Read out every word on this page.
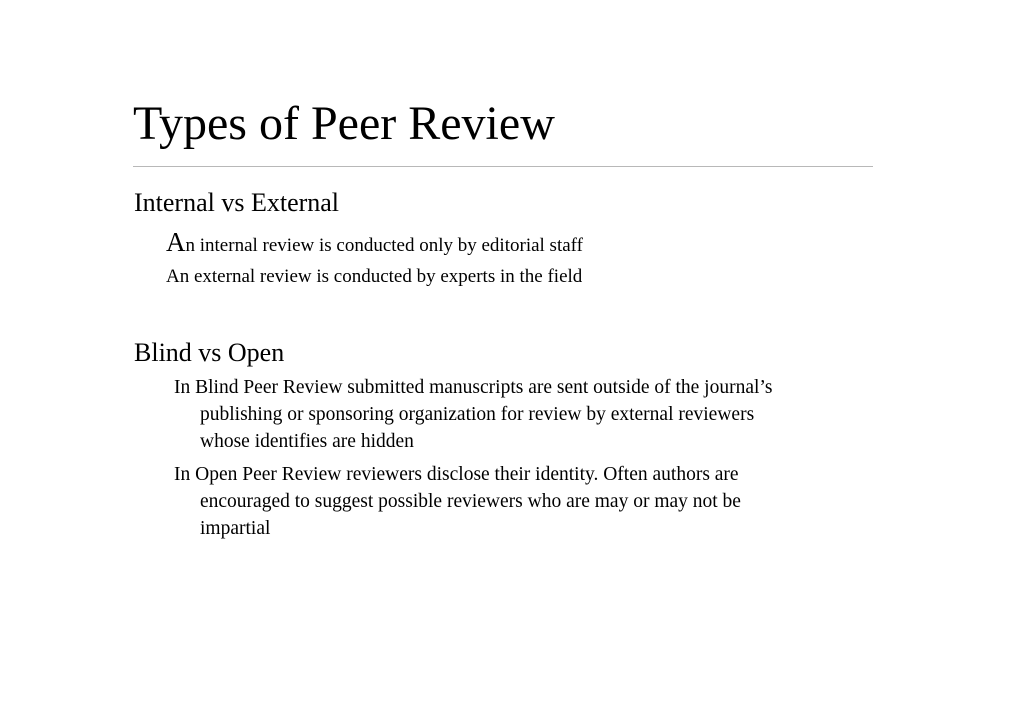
Types of Peer Review
Internal vs External
An internal review is conducted only by editorial staff
An external review is conducted by experts in the field
Blind vs Open
In Blind Peer Review submitted manuscripts are sent outside of the journal’s
publishing or sponsoring organization for review by external reviewers
whose identifies are hidden
In Open Peer Review reviewers disclose their identity. Often authors are
encouraged to suggest possible reviewers who are may or may not be
impartial
